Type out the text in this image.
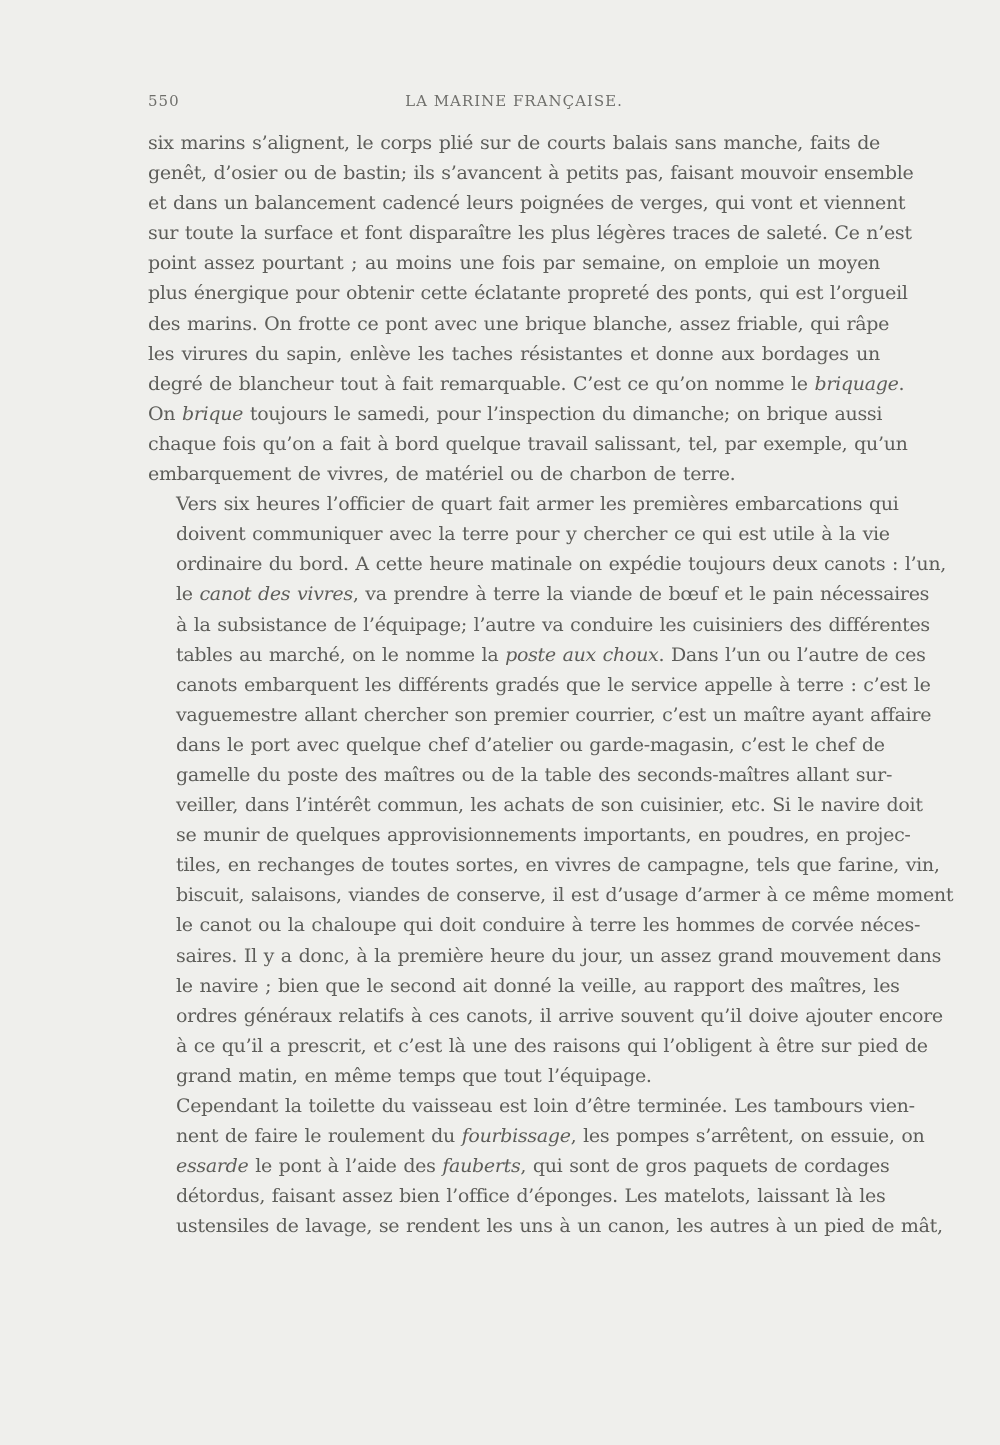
550	LA MARINE FRANÇAISE.
six marins s’alignent, le corps plié sur de courts balais sans manche, faits de
genêt, d’osier ou de bastin; ils s’avancent à petits pas, faisant mouvoir ensemble
et dans un balancement cadencé leurs poignées de verges, qui vont et viennent
sur toute la surface et font disparaître les plus légères traces de saleté. Ce n’est
point assez pourtant ; au moins une fois par semaine, on emploie un moyen
plus énergique pour obtenir cette éclatante propreté des ponts, qui est l’orgueil
des marins. On frotte ce pont avec une brique blanche, assez friable, qui râpe
les virures du sapin, enlève les taches résistantes et donne aux bordages un
degré de blancheur tout à fait remarquable. C’est ce qu’on nomme le briquage.
On brique toujours le samedi, pour l’inspection du dimanche; on brique aussi
chaque fois qu’on a fait à bord quelque travail salissant, tel, par exemple, qu’un
embarquement de vivres, de matériel ou de charbon de terre.
Vers six heures l’officier de quart fait armer les premières embarcations qui
doivent communiquer avec la terre pour y chercher ce qui est utile à la vie
ordinaire du bord. A cette heure matinale on expédie toujours deux canots : l’un,
le canot des vivres, va prendre à terre la viande de bœuf et le pain nécessaires
à la subsistance de l’équipage; l’autre va conduire les cuisiniers des différentes
tables au marché, on le nomme la poste aux choux. Dans l’un ou l’autre de ces
canots embarquent les différents gradés que le service appelle à terre : c’est le
vaguemestre allant chercher son premier courrier, c’est un maître ayant affaire
dans le port avec quelque chef d’atelier ou garde-magasin, c’est le chef de
gamelle du poste des maîtres ou de la table des seconds-maîtres allant sur-
veiller, dans l’intérêt commun, les achats de son cuisinier, etc. Si le navire doit
se munir de quelques approvisionnements importants, en poudres, en projec-
tiles, en rechanges de toutes sortes, en vivres de campagne, tels que farine, vin,
biscuit, salaisons, viandes de conserve, il est d’usage d’armer à ce même moment
le canot ou la chaloupe qui doit conduire à terre les hommes de corvée néces-
saires. Il y a donc, à la première heure du jour, un assez grand mouvement dans
le navire ; bien que le second ait donné la veille, au rapport des maîtres, les
ordres généraux relatifs à ces canots, il arrive souvent qu’il doive ajouter encore
à ce qu’il a prescrit, et c’est là une des raisons qui l’obligent à être sur pied de
grand matin, en même temps que tout l’équipage.
Cependant la toilette du vaisseau est loin d’être terminée. Les tambours vien-
nent de faire le roulement du fourbissage, les pompes s’arrêtent, on essuie, on
essarde le pont à l’aide des fauberts, qui sont de gros paquets de cordages
détordus, faisant assez bien l’office d’éponges. Les matelots, laissant là les
ustensiles de lavage, se rendent les uns à un canon, les autres à un pied de mât,
